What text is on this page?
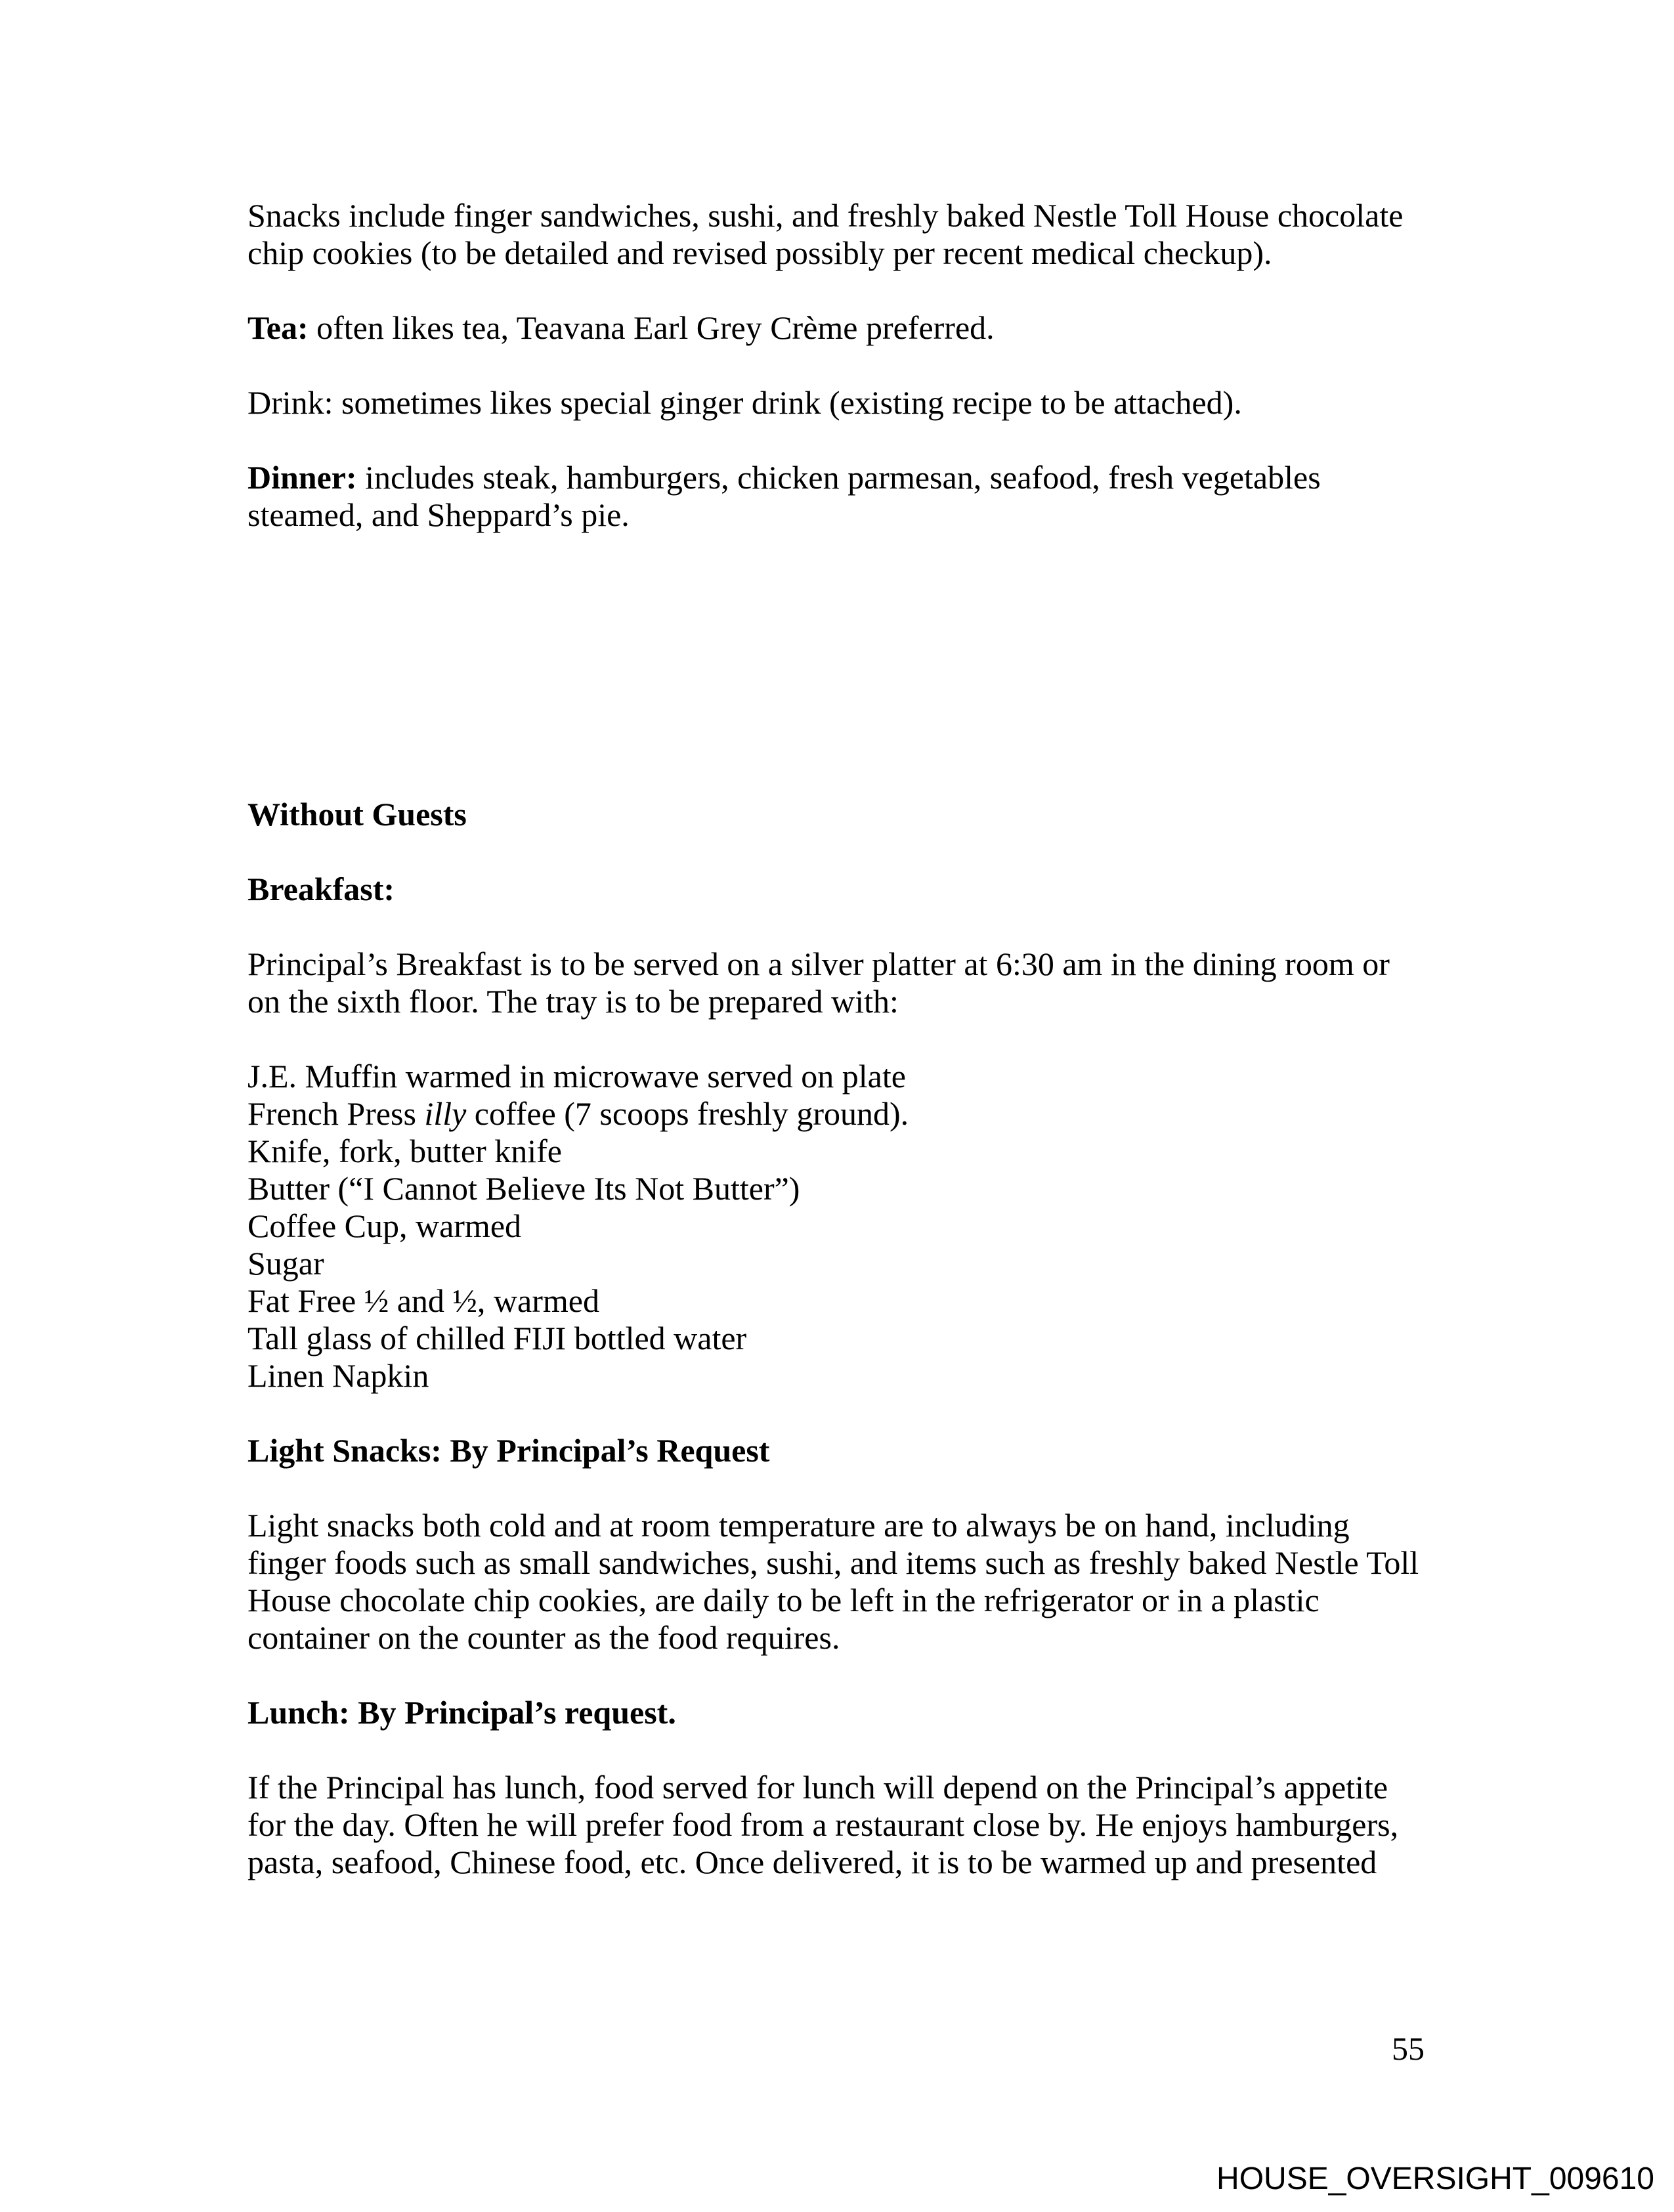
Snacks include finger sandwiches, sushi, and freshly baked Nestle Toll House chocolate
chip cookies (to be detailed and revised possibly per recent medical checkup).

Tea: often likes tea, Teavana Earl Grey Crème preferred.

Drink: sometimes likes special ginger drink (existing recipe to be attached).

Dinner: includes steak, hamburgers, chicken parmesan, seafood, fresh vegetables
steamed, and Sheppard’s pie.

Without Guests

Breakfast:

Principal’s Breakfast is to be served on a silver platter at 6:30 am in the dining room or
on the sixth floor. The tray is to be prepared with:

J.E. Muffin warmed in microwave served on plate
French Press illy coffee (7 scoops freshly ground).
Knife, fork, butter knife
Butter (“I Cannot Believe Its Not Butter”)
Coffee Cup, warmed
Sugar
Fat Free ½ and ½, warmed
Tall glass of chilled FIJI bottled water
Linen Napkin

Light Snacks: By Principal’s Request

Light snacks both cold and at room temperature are to always be on hand, including
finger foods such as small sandwiches, sushi, and items such as freshly baked Nestle Toll
House chocolate chip cookies, are daily to be left in the refrigerator or in a plastic
container on the counter as the food requires.

Lunch: By Principal’s request.

If the Principal has lunch, food served for lunch will depend on the Principal’s appetite
for the day. Often he will prefer food from a restaurant close by. He enjoys hamburgers,
pasta, seafood, Chinese food, etc. Once delivered, it is to be warmed up and presented

55
HOUSE_OVERSIGHT_009610
